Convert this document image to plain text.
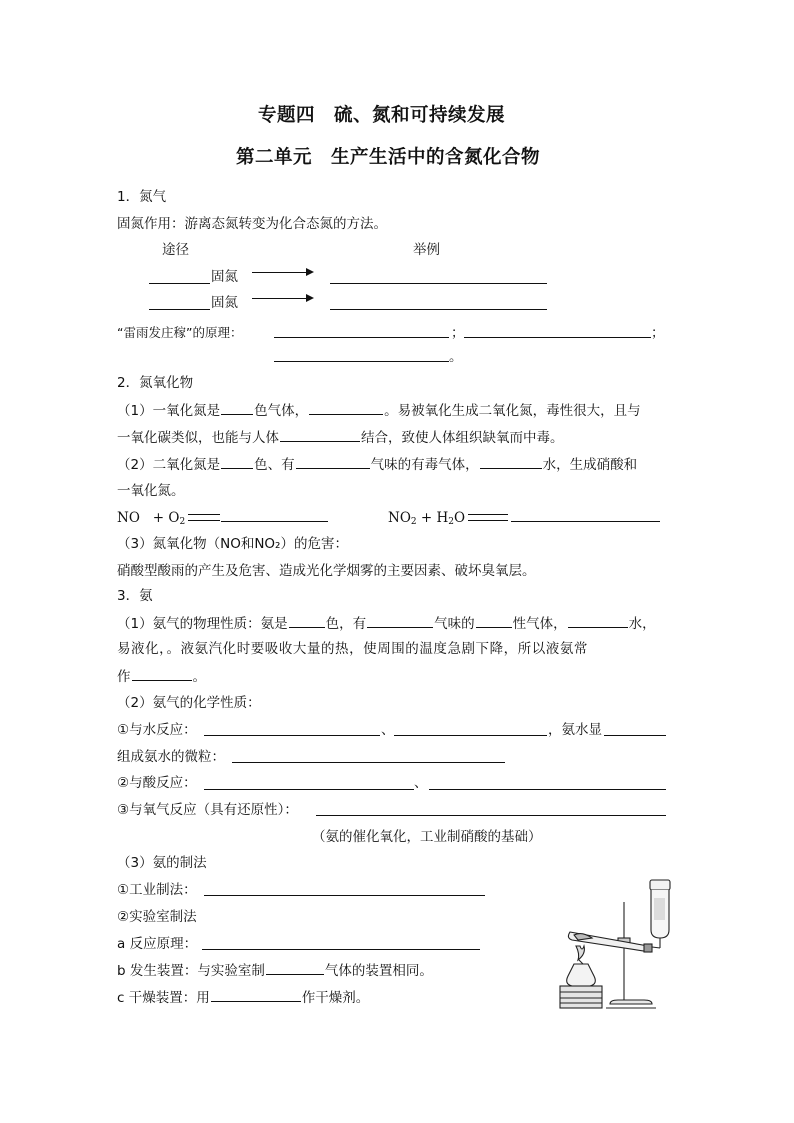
专题四　硫、氮和可持续发展
第二单元　生产生活中的含氮化合物
1．氮气
固氮作用：游离态氮转变为化合态氮的方法。
途径	举例
固氮
固氮
“雷雨发庄稼”的原理：	；	；
。
2．氮氧化物
（1）一氧化氮是	色气体，	。易被氧化生成二氧化氮，毒性很大，且与
一氧化碳类似，也能与人体	结合，致使人体组织缺氧而中毒。
（2）二氧化氮是	色、有	气味的有毒气体，	水，生成硝酸和
一氧化氮。
NO + $O_2$	$NO_2 + H_2O$
（3）氮氧化物（NO和NO₂）的危害：
硝酸型酸雨的产生及危害、造成光化学烟雾的主要因素、破坏臭氧层。
3．氨
（1）氨气的物理性质：氨是	色，有	气味的	性气体，	水，
易液化，。液氨汽化时要吸收大量的热，使周围的温度急剧下降，所以液氨常
作	。
（2）氨气的化学性质：
①与水反应：	、	，氨水显
组成氨水的微粒：
②与酸反应：	、
③与氧气反应（具有还原性）：
（氨的催化氧化，工业制硝酸的基础）
（3）氨的制法
①工业制法：
②实验室制法
a 反应原理：
b 发生装置：与实验室制	气体的装置相同。
c 干燥装置：用	作干燥剂。
